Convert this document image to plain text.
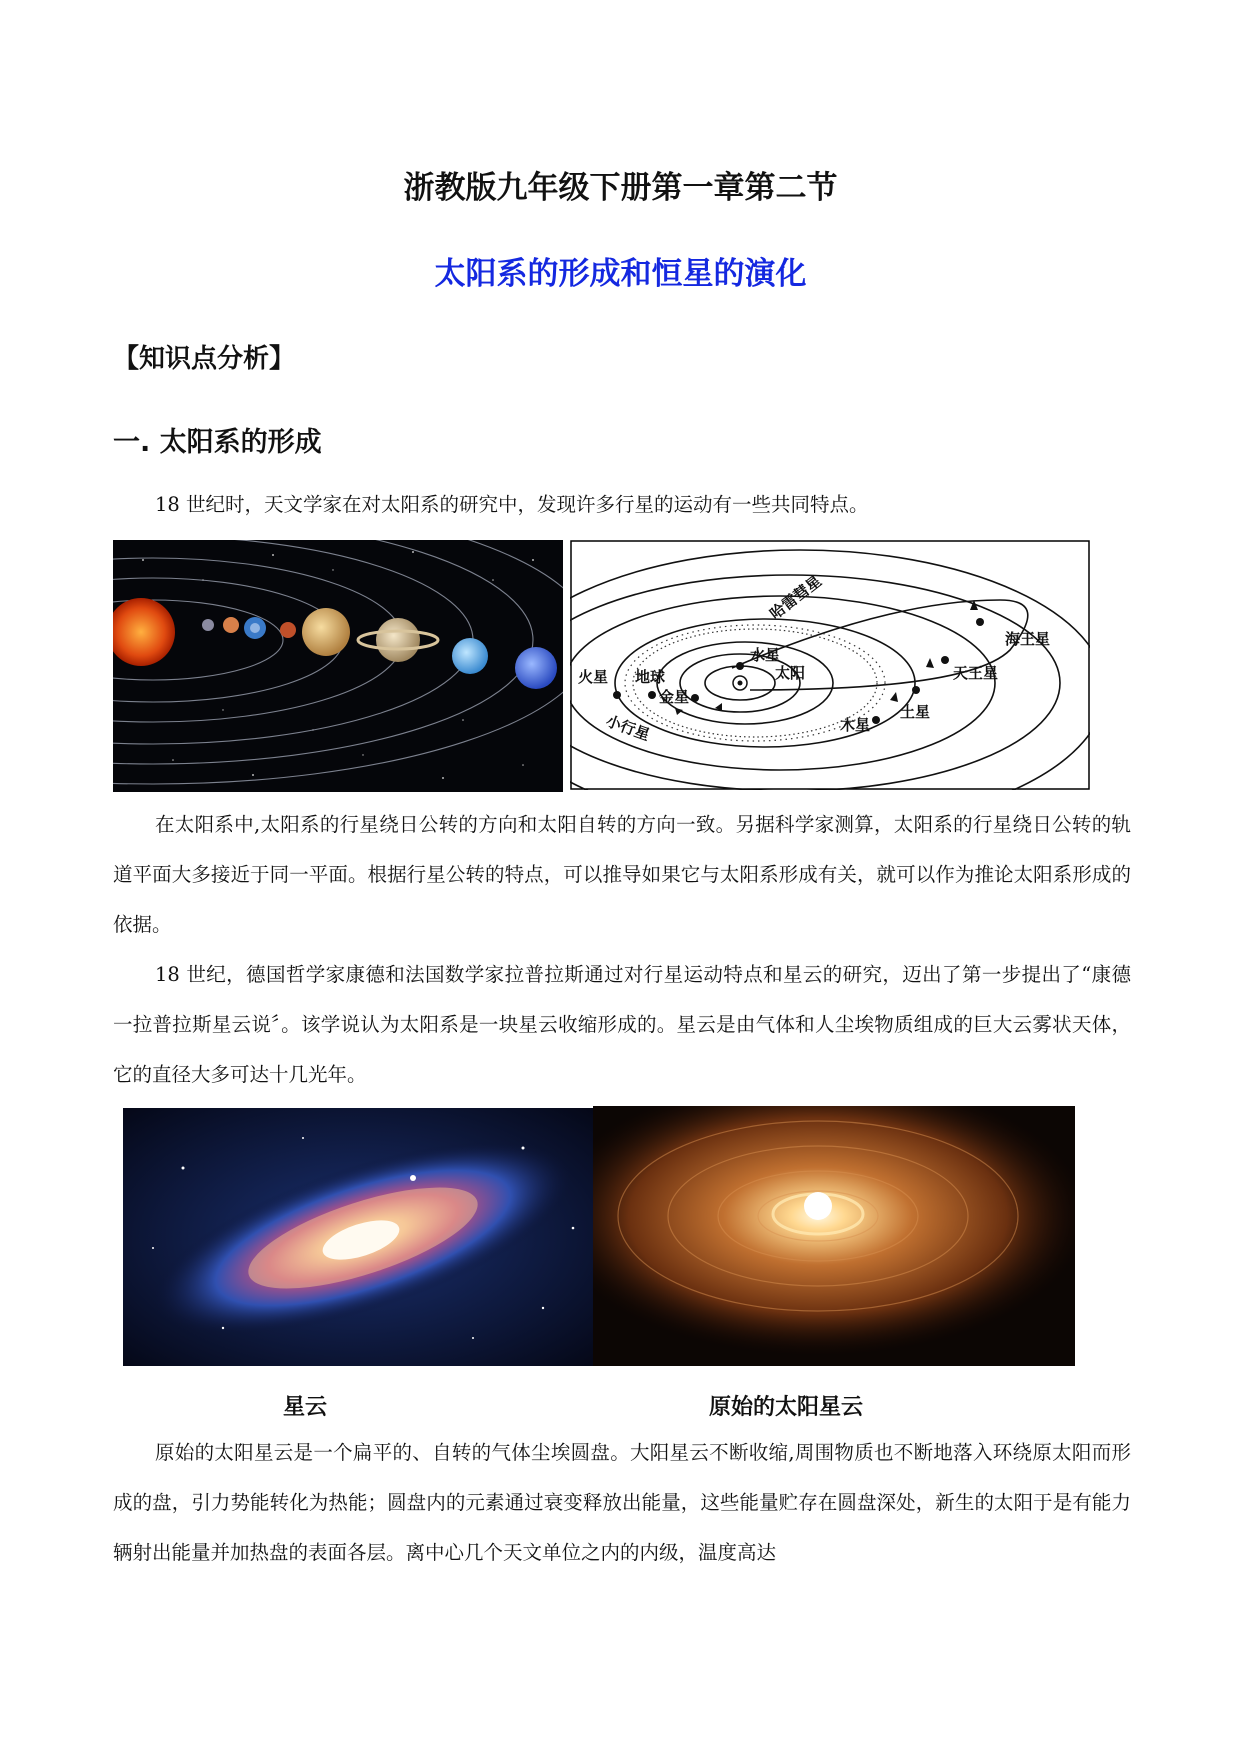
浙教版九年级下册第一章第二节
太阳系的形成和恒星的演化
【知识点分析】
一. 太阳系的形成

18 世纪时，天文学家在对太阳系的研究中，发现许多行星的运动有一些共同特点。

太阳
水星
金星
地球
火星
木星
土星
天王星
海王星
小行星
哈雷彗星

在太阳系中,太阳系的行星绕日公转的方向和太阳自转的方向一致。另据科学家测算，太阳系的行星绕日公转的轨道平面大多接近于同一平面。根据行星公转的特点，可以推导如果它与太阳系形成有关，就可以作为推论太阳系形成的依据。

18 世纪，德国哲学家康德和法国数学家拉普拉斯通过对行星运动特点和星云的研究，迈出了第一步提出了“康德一拉普拉斯星云说〞。该学说认为太阳系是一块星云收缩形成的。星云是由气体和人尘埃物质组成的巨大云雾状天体，它的直径大多可达十几光年。

星云	原始的太阳星云

原始的太阳星云是一个扁平的、自转的气体尘埃圆盘。大阳星云不断收缩,周围物质也不断地落入环绕原太阳而形成的盘，引力势能转化为热能；圆盘内的元素通过衰变释放出能量，这些能量贮存在圆盘深处，新生的太阳于是有能力辆射出能量并加热盘的表面各层。离中心几个天文单位之内的内级，温度高达
